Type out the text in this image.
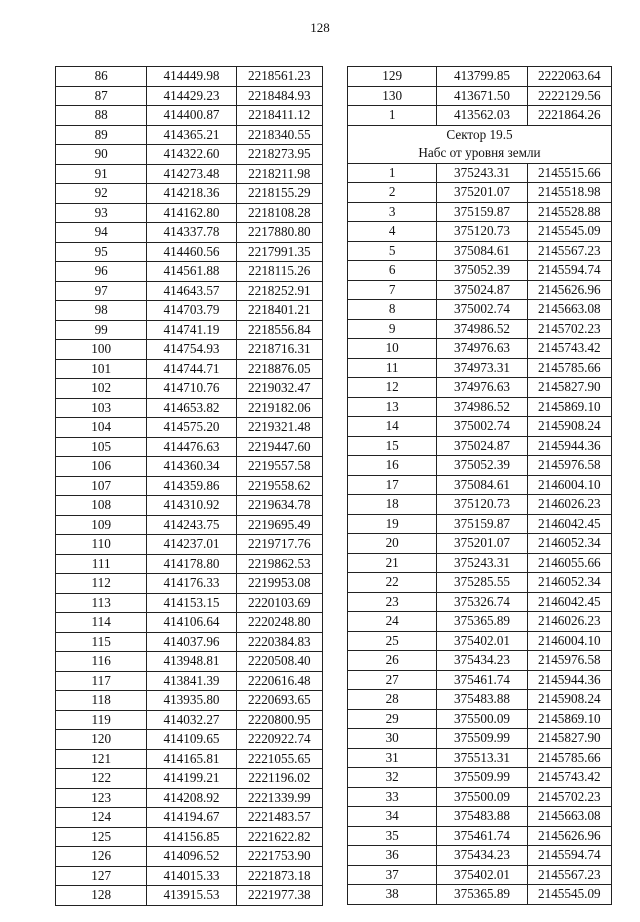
128
86	414449.98	2218561.23
87	414429.23	2218484.93
88	414400.87	2218411.12
89	414365.21	2218340.55
90	414322.60	2218273.95
91	414273.48	2218211.98
92	414218.36	2218155.29
93	414162.80	2218108.28
94	414337.78	2217880.80
95	414460.56	2217991.35
96	414561.88	2218115.26
97	414643.57	2218252.91
98	414703.79	2218401.21
99	414741.19	2218556.84
100	414754.93	2218716.31
101	414744.71	2218876.05
102	414710.76	2219032.47
103	414653.82	2219182.06
104	414575.20	2219321.48
105	414476.63	2219447.60
106	414360.34	2219557.58
107	414359.86	2219558.62
108	414310.92	2219634.78
109	414243.75	2219695.49
110	414237.01	2219717.76
111	414178.80	2219862.53
112	414176.33	2219953.08
113	414153.15	2220103.69
114	414106.64	2220248.80
115	414037.96	2220384.83
116	413948.81	2220508.40
117	413841.39	2220616.48
118	413935.80	2220693.65
119	414032.27	2220800.95
120	414109.65	2220922.74
121	414165.81	2221055.65
122	414199.21	2221196.02
123	414208.92	2221339.99
124	414194.67	2221483.57
125	414156.85	2221622.82
126	414096.52	2221753.90
127	414015.33	2221873.18
128	413915.53	2221977.38
129	413799.85	2222063.64
130	413671.50	2222129.56
1	413562.03	2221864.26
Сектор 19.5		
Набс от уровня земли		
1	375243.31	2145515.66
2	375201.07	2145518.98
3	375159.87	2145528.88
4	375120.73	2145545.09
5	375084.61	2145567.23
6	375052.39	2145594.74
7	375024.87	2145626.96
8	375002.74	2145663.08
9	374986.52	2145702.23
10	374976.63	2145743.42
11	374973.31	2145785.66
12	374976.63	2145827.90
13	374986.52	2145869.10
14	375002.74	2145908.24
15	375024.87	2145944.36
16	375052.39	2145976.58
17	375084.61	2146004.10
18	375120.73	2146026.23
19	375159.87	2146042.45
20	375201.07	2146052.34
21	375243.31	2146055.66
22	375285.55	2146052.34
23	375326.74	2146042.45
24	375365.89	2146026.23
25	375402.01	2146004.10
26	375434.23	2145976.58
27	375461.74	2145944.36
28	375483.88	2145908.24
29	375500.09	2145869.10
30	375509.99	2145827.90
31	375513.31	2145785.66
32	375509.99	2145743.42
33	375500.09	2145702.23
34	375483.88	2145663.08
35	375461.74	2145626.96
36	375434.23	2145594.74
37	375402.01	2145567.23
38	375365.89	2145545.09
